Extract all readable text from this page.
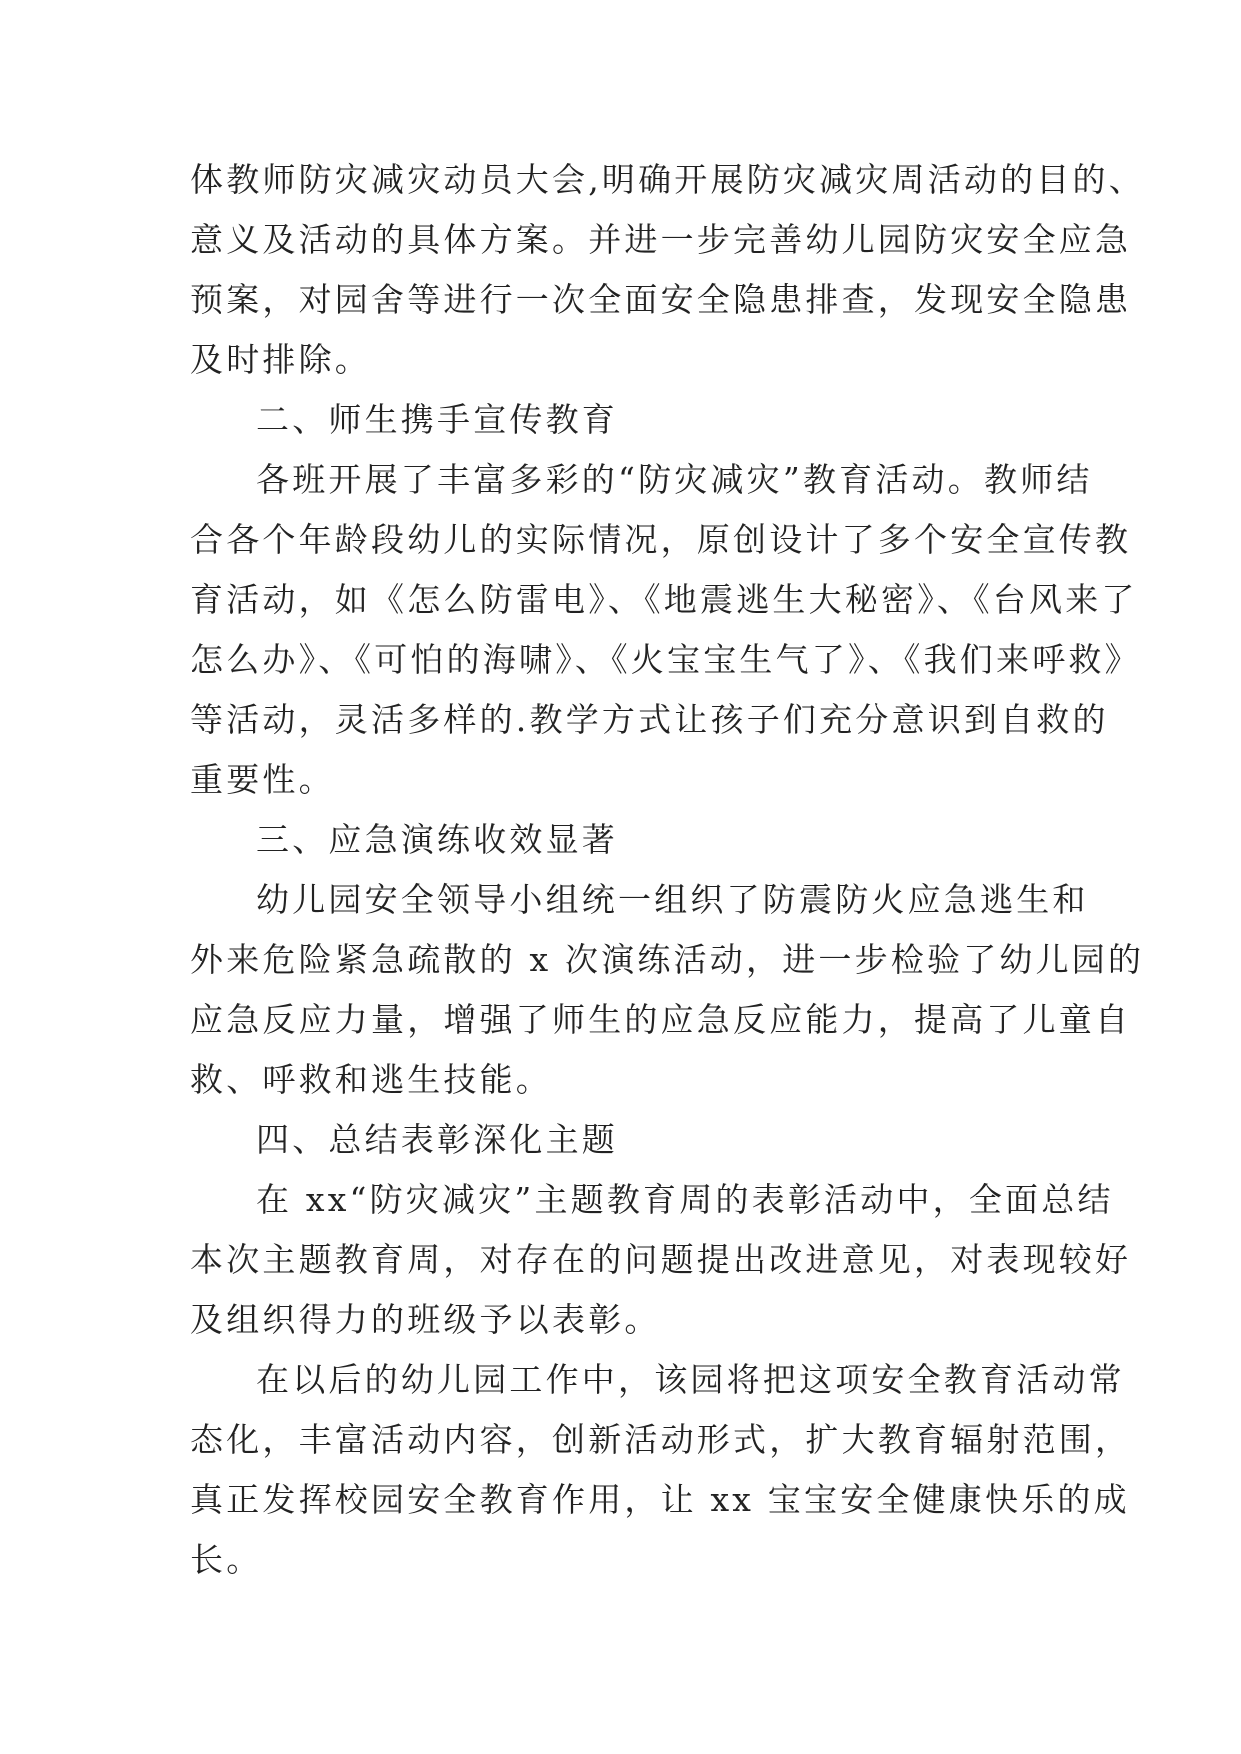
体教师防灾减灾动员大会,明确开展防灾减灾周活动的目的、
意义及活动的具体方案。并进一步完善幼儿园防灾安全应急
预案，对园舍等进行一次全面安全隐患排查，发现安全隐患
及时排除。
二、师生携手宣传教育
各班开展了丰富多彩的“防灾减灾”教育活动。教师结
合各个年龄段幼儿的实际情况，原创设计了多个安全宣传教
育活动，如《怎么防雷电》、《地震逃生大秘密》、《台风来了
怎么办》、《可怕的海啸》、《火宝宝生气了》、《我们来呼救》
等活动，灵活多样的.教学方式让孩子们充分意识到自救的
重要性。
三、应急演练收效显著
幼儿园安全领导小组统一组织了防震防火应急逃生和
外来危险紧急疏散的 x 次演练活动，进一步检验了幼儿园的
应急反应力量，增强了师生的应急反应能力，提高了儿童自
救、呼救和逃生技能。
四、总结表彰深化主题
在 xx“防灾减灾”主题教育周的表彰活动中，全面总结
本次主题教育周，对存在的问题提出改进意见，对表现较好
及组织得力的班级予以表彰。
在以后的幼儿园工作中，该园将把这项安全教育活动常
态化，丰富活动内容，创新活动形式，扩大教育辐射范围，
真正发挥校园安全教育作用，让 xx 宝宝安全健康快乐的成
长。
